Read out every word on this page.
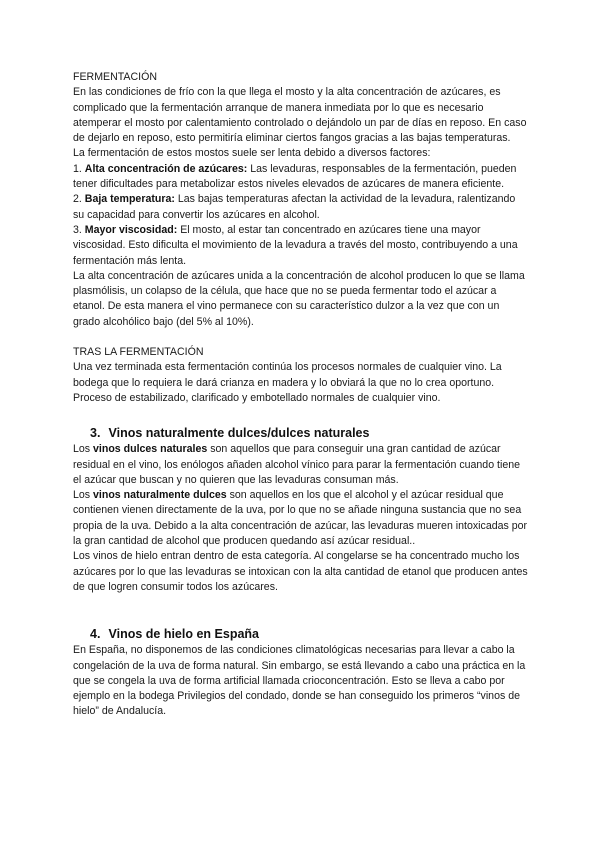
FERMENTACIÓN

En las condiciones de frío con la que llega el mosto y la alta concentración de azúcares, es complicado que la fermentación arranque de manera inmediata por lo que es necesario atemperar el mosto por calentamiento controlado o dejándolo un par de días en reposo. En caso de dejarlo en reposo, esto permitiría eliminar ciertos fangos gracias a las bajas temperaturas.

La fermentación de estos mostos suele ser lenta debido a diversos factores:

1. Alta concentración de azúcares: Las levaduras, responsables de la fermentación, pueden tener dificultades para metabolizar estos niveles elevados de azúcares de manera eficiente.

2. Baja temperatura: Las bajas temperaturas afectan la actividad de la levadura, ralentizando su capacidad para convertir los azúcares en alcohol.

3. Mayor viscosidad: El mosto, al estar tan concentrado en azúcares tiene una mayor viscosidad. Esto dificulta el movimiento de la levadura a través del mosto, contribuyendo a una fermentación más lenta.

La alta concentración de azúcares unida a la concentración de alcohol producen lo que se llama plasmólisis, un colapso de la célula, que hace que no se pueda fermentar todo el azúcar a etanol. De esta manera el vino permanece con su característico dulzor a la vez que con un grado alcohólico bajo (del 5% al 10%).

TRAS LA FERMENTACIÓN

Una vez terminada esta fermentación continúa los procesos normales de cualquier vino. La bodega que lo requiera le dará crianza en madera y lo obviará la que no lo crea oportuno. Proceso de estabilizado, clarificado y embotellado normales de cualquier vino.

3. Vinos naturalmente dulces/dulces naturales

Los vinos dulces naturales son aquellos que para conseguir una gran cantidad de azúcar residual en el vino, los enólogos añaden alcohol vínico para parar la fermentación cuando tiene el azúcar que buscan y no quieren que las levaduras consuman más.

Los vinos naturalmente dulces son aquellos en los que el alcohol y el azúcar residual que contienen vienen directamente de la uva, por lo que no se añade ninguna sustancia que no sea propia de la uva. Debido a la alta concentración de azúcar, las levaduras mueren intoxicadas por la gran cantidad de alcohol que producen quedando así azúcar residual..

Los vinos de hielo entran dentro de esta categoría. Al congelarse se ha concentrado mucho los azúcares por lo que las levaduras se intoxican con la alta cantidad de etanol que producen antes de que logren consumir todos los azúcares.

4. Vinos de hielo en España

En España, no disponemos de las condiciones climatológicas necesarias para llevar a cabo la congelación de la uva de forma natural. Sin embargo, se está llevando a cabo una práctica en la que se congela la uva de forma artificial llamada crioconcentración. Esto se lleva a cabo por ejemplo en la bodega Privilegios del condado, donde se han conseguido los primeros “vinos de hielo” de Andalucía.
